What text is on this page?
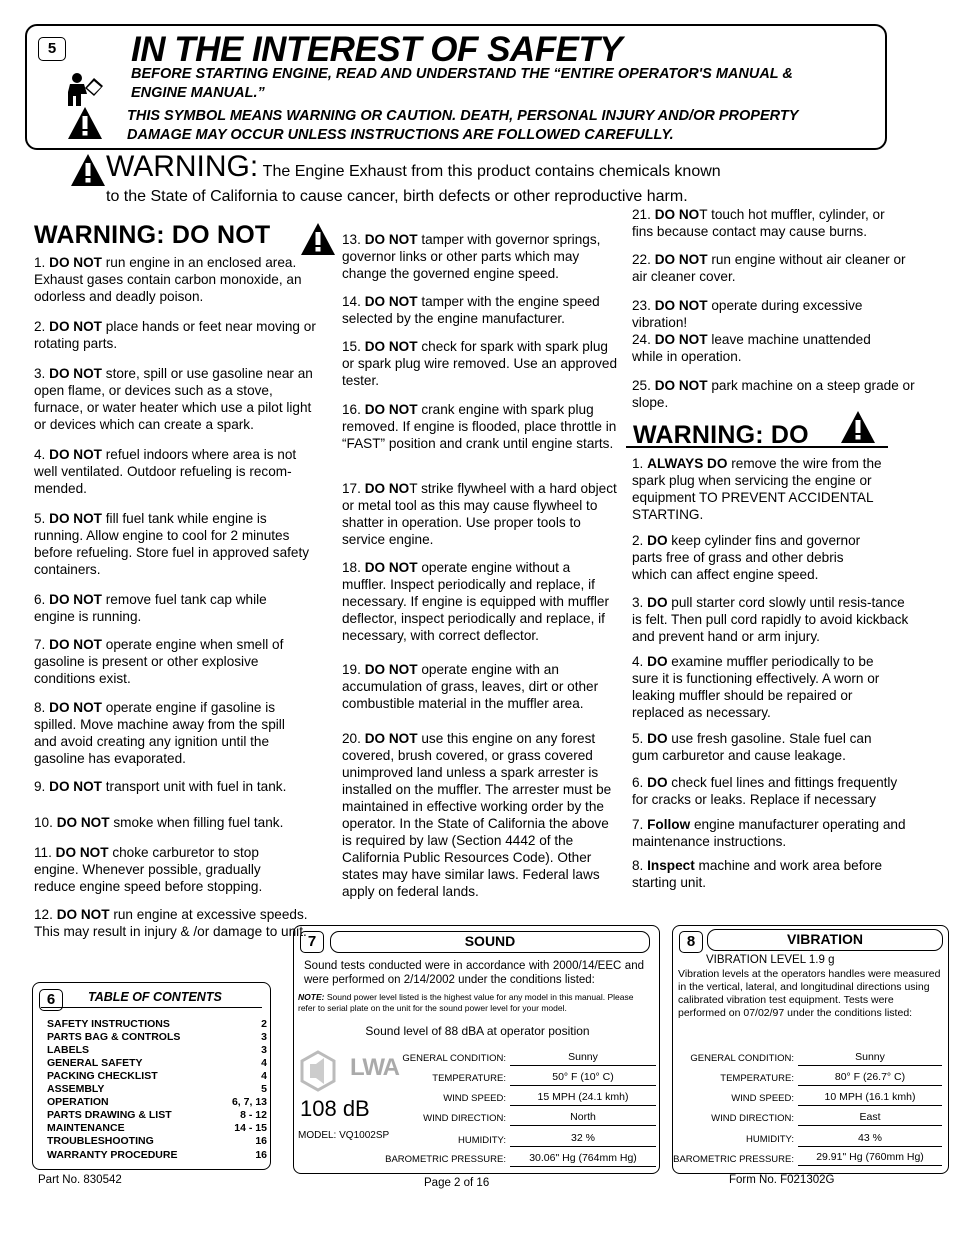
5 IN THE INTEREST OF SAFETY
BEFORE STARTING ENGINE, READ AND UNDERSTAND THE “ENTIRE OPERATOR'S MANUAL &
ENGINE MANUAL.”
THIS SYMBOL MEANS WARNING OR CAUTION. DEATH, PERSONAL INJURY AND/OR PROPERTY
DAMAGE MAY OCCUR UNLESS INSTRUCTIONS ARE FOLLOWED CAREFULLY.
WARNING: The Engine Exhaust from this product contains chemicals known
to the State of California to cause cancer, birth defects or other reproductive harm.
WARNING: DO NOT
1. DO NOT run engine in an enclosed area. Exhaust gases contain carbon monoxide, an odorless and deadly poison.
2. DO NOT place hands or feet near moving or rotating parts.
3. DO NOT store, spill or use gasoline near an open flame, or devices such as a stove, furnace, or water heater which use a pilot light or devices which can create a spark.
4. DO NOT refuel indoors where area is not well ventilated. Outdoor refueling is recom-mended.
5. DO NOT fill fuel tank while engine is running. Allow engine to cool for 2 minutes before refueling. Store fuel in approved safety containers.
6. DO NOT remove fuel tank cap while engine is running.
7. DO NOT operate engine when smell of gasoline is present or other explosive conditions exist.
8. DO NOT operate engine if gasoline is spilled. Move machine away from the spill and avoid creating any ignition until the gasoline has evaporated.
9. DO NOT transport unit with fuel in tank.
10. DO NOT smoke when filling fuel tank.
11. DO NOT choke carburetor to stop engine. Whenever possible, gradually reduce engine speed before stopping.
12. DO NOT run engine at excessive speeds. This may result in injury & /or damage to unit.
13. DO NOT tamper with governor springs, governor links or other parts which may change the governed engine speed.
14. DO NOT tamper with the engine speed selected by the engine manufacturer.
15. DO NOT check for spark with spark plug or spark plug wire removed. Use an approved tester.
16. DO NOT crank engine with spark plug removed. If engine is flooded, place throttle in “FAST” position and crank until engine starts.
17. DO NOT strike flywheel with a hard object or metal tool as this may cause flywheel to shatter in operation. Use proper tools to service engine.
18. DO NOT operate engine without a muffler. Inspect periodically and replace, if necessary. If engine is equipped with muffler deflector, inspect periodically and replace, if necessary, with correct deflector.
19. DO NOT operate engine with an accumulation of grass, leaves, dirt or other combustible material in the muffler area.
20. DO NOT use this engine on any forest covered, brush covered, or grass covered unimproved land unless a spark arrester is installed on the muffler. The arrester must be maintained in effective working order by the operator. In the State of California the above is required by law (Section 4442 of the California Public Resources Code). Other states may have similar laws. Federal laws apply on federal lands.
21. DO NOT touch hot muffler, cylinder, or fins because contact may cause burns.
22. DO NOT run engine without air cleaner or air cleaner cover.
23. DO NOT operate during excessive vibration!
24. DO NOT leave machine unattended while in operation.
25. DO NOT park machine on a steep grade or slope.
WARNING: DO
1. ALWAYS DO remove the wire from the spark plug when servicing the engine or equipment TO PREVENT ACCIDENTAL STARTING.
2. DO keep cylinder fins and governor parts free of grass and other debris which can affect engine speed.
3. DO pull starter cord slowly until resis-tance is felt. Then pull cord rapidly to avoid kickback and prevent hand or arm injury.
4. DO examine muffler periodically to be sure it is functioning effectively. A worn or leaking muffler should be repaired or replaced as necessary.
5. DO use fresh gasoline. Stale fuel can gum carburetor and cause leakage.
6. DO check fuel lines and fittings frequently for cracks or leaks. Replace if necessary
7. Follow engine manufacturer operating and maintenance instructions.
8. Inspect machine and work area before starting unit.
6	TABLE OF CONTENTS
SAFETY INSTRUCTIONS	2
PARTS BAG & CONTROLS	3
LABELS	3
GENERAL SAFETY	4
PACKING CHECKLIST	4
ASSEMBLY	5
OPERATION	6, 7, 13
PARTS DRAWING & LIST	8 - 12
MAINTENANCE	14 - 15
TROUBLESHOOTING	16
WARRANTY PROCEDURE	16
7	SOUND
Sound tests conducted were in accordance with 2000/14/EEC and were performed on 2/14/2002 under the conditions listed:
NOTE: Sound power level listed is the highest value for any model in this manual. Please refer to serial plate on the unit for the sound power level for your model.
Sound level of 88 dBA at operator position
LWA
108 dB
MODEL: VQ1002SP
GENERAL CONDITION:	Sunny
TEMPERATURE:	50° F (10° C)
WIND SPEED:	15 MPH (24.1 kmh)
WIND DIRECTION:	North
HUMIDITY:	32 %
BAROMETRIC PRESSURE:	30.06" Hg (764mm Hg)
8	VIBRATION
VIBRATION LEVEL 1.9 g
Vibration levels at the operators handles were measured in the vertical, lateral, and longitudinal directions using calibrated vibration test equipment. Tests were performed on 07/02/97 under the conditions listed:
GENERAL CONDITION:	Sunny
TEMPERATURE:	80° F (26.7° C)
WIND SPEED:	10 MPH (16.1 kmh)
WIND DIRECTION:	East
HUMIDITY:	43 %
BAROMETRIC PRESSURE:	29.91" Hg (760mm Hg)
Part No. 830542	Page 2 of 16	Form No. F021302G
